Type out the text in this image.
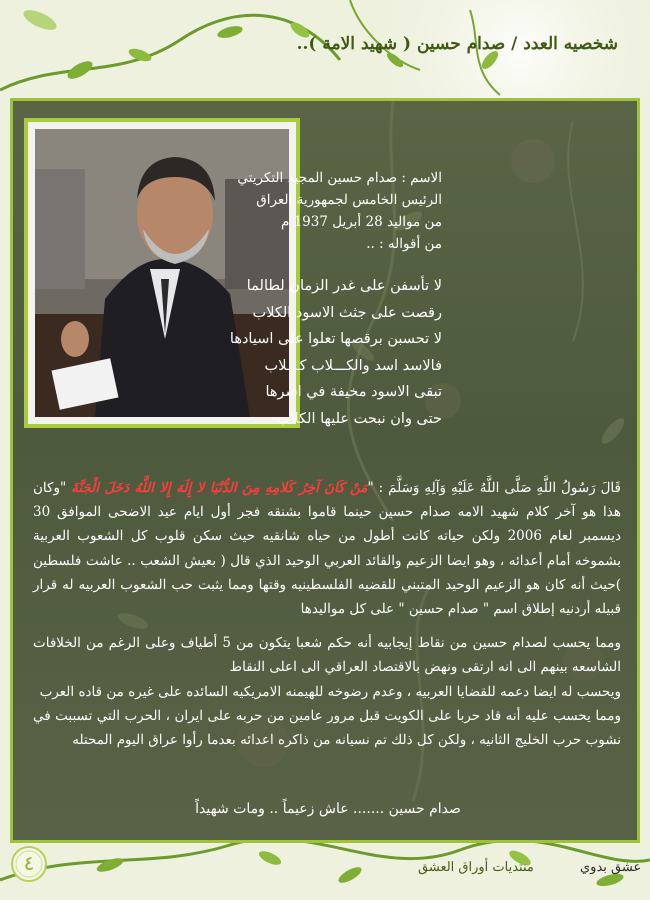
شخصيه العدد / صدام حسين ( شهيد الامة )..
الاسم : صدام حسين المجيد التكريتي
الرئيس الخامس لجمهورية العراق
من مواليد 28 أبريل 1937 م
من أقواله : ..
لا تأسفن على غدر الزمان لطالما
رقصت على جثث الاسود الكلاب
لا تحسبن برقصها تعلوا على اسيادها
فالاسد اسد والكـــلاب كـــلاب
تبقى الاسود مخيفة في اسرها
حتى وان نبحت عليها الكلاب

قَالَ رَسُولُ اللَّهِ صَلَّى اللَّهُ عَلَيْهِ وَآلِهِ وَسَلَّمَ : "مَنْ كَانَ آخِرُ كَلامِهِ مِنَ الدُّنْيَا لا إِلَهَ إِلا اللَّهُ دَخَلَ الْجَنَّةَ "وكان هذا هو آخر كلام شهيد الامه صدام حسين حينما قاموا بشنقه فجر أول ايام عيد الاضحى الموافق 30 ديسمبر لعام 2006 ولكن حياته كانت أطول من حياه شانقيه حيث سكن قلوب كل الشعوب العربية بشموخه أمام أعدائه ، وهو ايضا الزعيم والقائد العربي الوحيد الذي قال ( بعيش الشعب .. عاشت فلسطين )حيث أنه كان هو الزعيم الوحيد المتبني للقضيه الفلسطينيه وقتها ومما يثبت حب الشعوب العربيه له قرار قبيله أردنيه إطلاق اسم " صدام حسين " على كل مواليدها

ومما يحسب لصدام حسين من نقاط إيجابيه أنه حكم شعبا يتكون من 5 أطياف وعلى الرغم من الخلافات الشاسعه بينهم الى انه ارتقى ونهض بالاقتصاد العراقي الى اعلى النقاط

ويحسب له ايضا دعمه للقضايا العربيه ، وعدم رضوخه للهيمنه الامريكيه السائده على غيره من قاده العرب

ومما يحسب عليه أنه قاد حربا على الكويت قبل مرور عامين من حربه على ايران ، الحرب التي تسببت في نشوب حرب الخليج الثانيه ، ولكن كل ذلك تم نسيانه من ذاكره اعدائه بعدما رأوا عراق اليوم المحتله

صدام حسين ....... عاش زعيماً .. ومات شهيداً
٤	منتديات أوراق العشق	عشق بدوي
